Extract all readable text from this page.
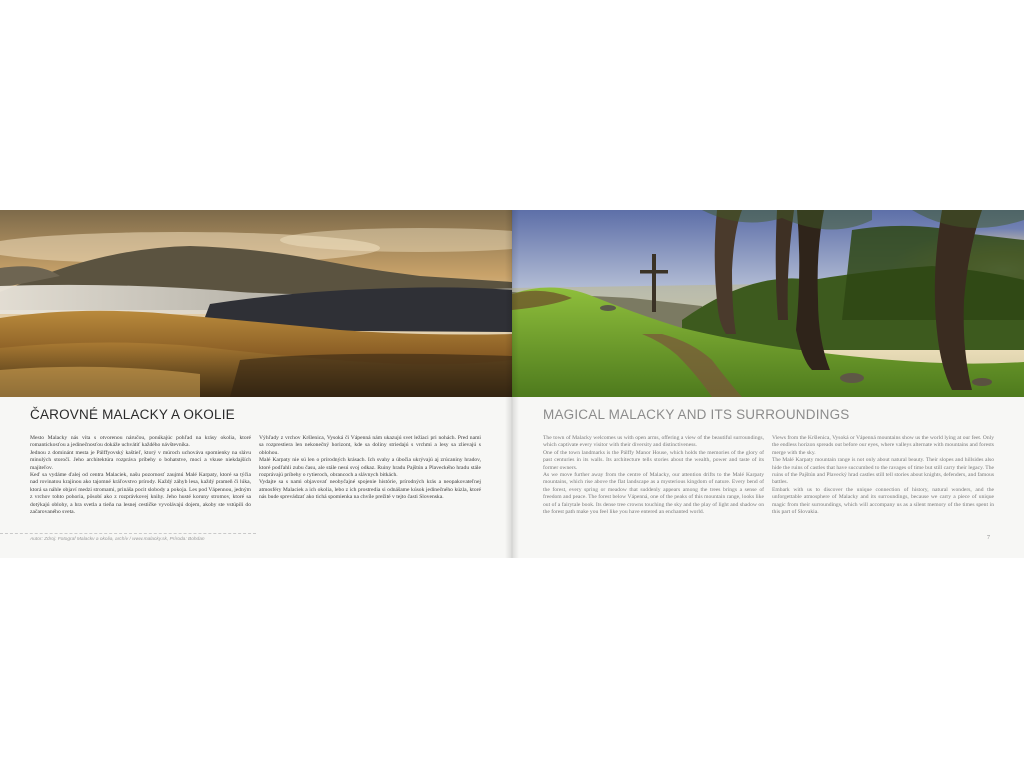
ČAROVNÉ MALACKY A OKOLIE

Mesto Malacky nás víta s otvorenou náručou, ponúkajúc pohľad na krásy okolia, ktoré romantickosťou a jedinečnosťou dokáže uchvátiť každého návštevníka.

Jednou z dominánt mesta je Pálffyovský kaštieľ, ktorý v múroch uchováva spomienky na slávu minulých storočí. Jeho architektúra rozpráva príbehy o bohatstve, moci a vkuse niekdajších majiteľov.

Keď sa vydáme ďalej od centra Malaciek, našu pozornosť zaujmú Malé Karpaty, ktoré sa týčia nad rovinatou krajinou ako tajomné kráľovstvo prírody. Každý záhyb lesa, každý prameň či lúka, ktorá sa náhle objaví medzi stromami, prináša pocit slobody a pokoja. Les pod Vápennou, jedným z vrchov tohto pohoria, pôsobí ako z rozprávkovej knihy. Jeho husté koruny stromov, ktoré sa dotýkajú oblohy, a hra svetla a tieňa na lesnej cestičke vyvolávajú dojem, akoby ste vstúpili do začarovaného sveta.

Výhľady z vrchov Kršlenica, Vysoká či Vápenná nám ukazujú svet ležiaci pri nohách. Pred nami sa rozprestiera len nekonečný horizont, kde sa doliny striedajú s vrchmi a lesy sa zlievajú s oblohou.

Malé Karpaty nie sú len o prírodných krásach. Ich svahy a úbočia ukrývajú aj zrúcaniny hradov, ktoré podľahli zubu času, ale stále nesú svoj odkaz. Ruiny hradu Pajštún a Plaveckého hradu stále rozprávajú príbehy o rytieroch, obrancoch a slávnych bitkách.

Vydajte sa s nami objavovať neobyčajné spojenie histórie, prírodných krás a neopakovateľnej atmosféry Malaciek a ich okolia, lebo z ich prostredia si odnášame kúsok jedinečného kúzla, ktoré nás bude sprevádzať ako tichá spomienka na chvíle prežité v tejto časti Slovenska.

Autor: Zdroj: Fotograf Malackv a okolia, archív / www.malacky.sk, Príroda: Bohdan
MAGICAL MALACKY AND ITS SURROUNDINGS

The town of Malacky welcomes us with open arms, offering a view of the beautiful surroundings, which captivate every visitor with their diversity and distinctiveness.

One of the town landmarks is the Pálffy Manor House, which holds the memories of the glory of past centuries in its walls. Its architecture tells stories about the wealth, power and taste of its former owners.

As we move further away from the centre of Malacky, our attention drifts to the Malé Karpaty mountains, which rise above the flat landscape as a mysterious kingdom of nature. Every bend of the forest, every spring or meadow that suddenly appears among the trees brings a sense of freedom and peace. The forest below Vápenná, one of the peaks of this mountain range, looks like out of a fairytale book. Its dense tree crowns touching the sky and the play of light and shadow on the forest path make you feel like you have entered an enchanted world.

Views from the Kršlenica, Vysoká or Vápenná mountains show us the world lying at our feet. Only the endless horizon spreads out before our eyes, where valleys alternate with mountains and forests merge with the sky.

The Malé Karpaty mountain range is not only about natural beauty. Their slopes and hillsides also hide the ruins of castles that have succumbed to the ravages of time but still carry their legacy. The ruins of the Pajštún and Plavecký hrad castles still tell stories about knights, defenders, and famous battles.

Embark with us to discover the unique connection of history, natural wonders, and the unforgettable atmosphere of Malacky and its surroundings, because we carry a piece of unique magic from their surroundings, which will accompany us as a silent memory of the times spent in this part of Slovakia.

7
